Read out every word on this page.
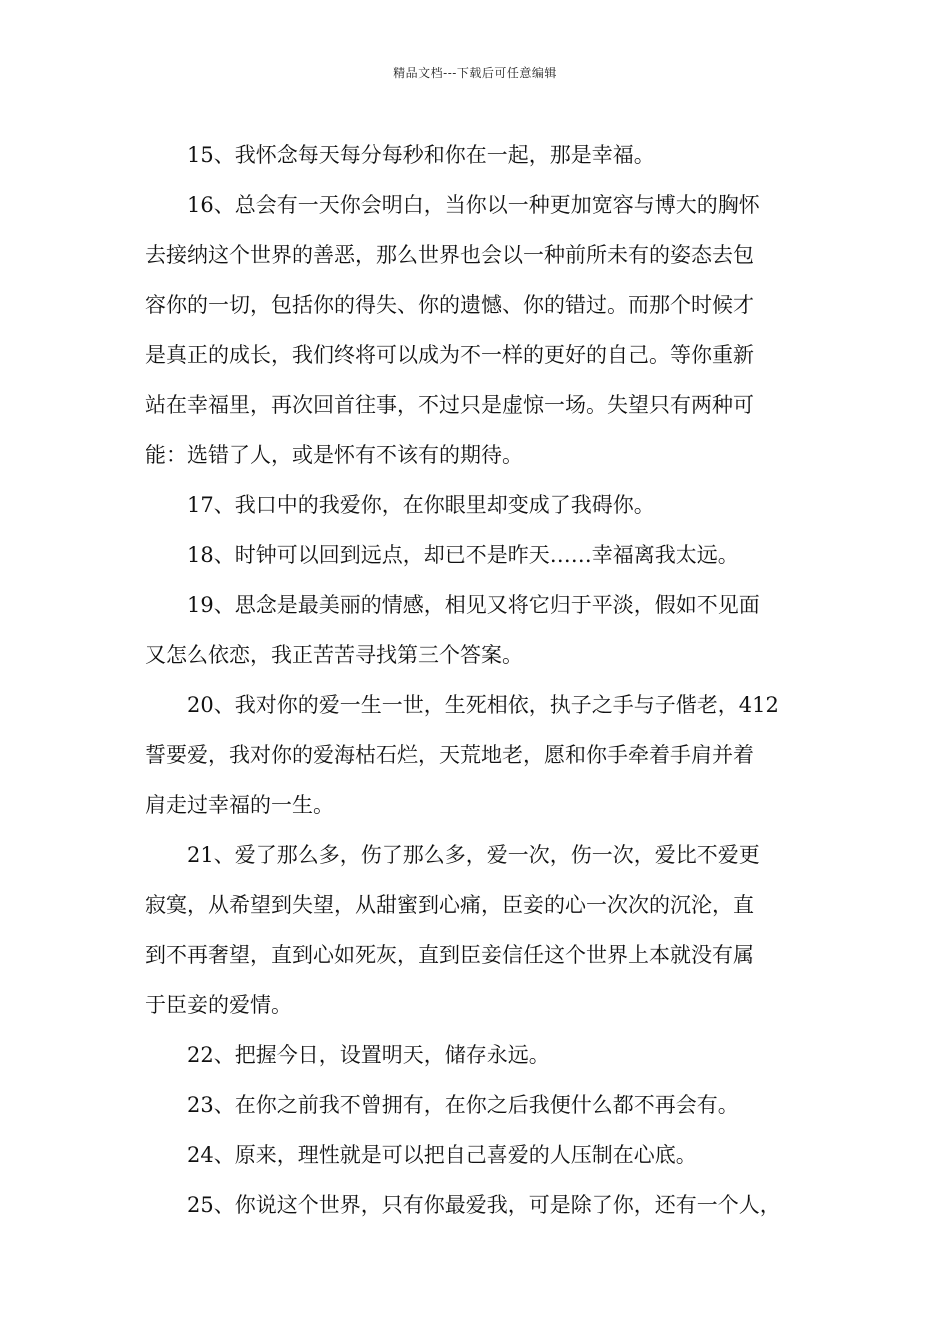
精品文档---下载后可任意编辑

15、我怀念每天每分每秒和你在一起，那是幸福。

16、总会有一天你会明白，当你以一种更加宽容与博大的胸怀
去接纳这个世界的善恶，那么世界也会以一种前所未有的姿态去包
容你的一切，包括你的得失、你的遗憾、你的错过。而那个时候才
是真正的成长，我们终将可以成为不一样的更好的自己。等你重新
站在幸福里，再次回首往事，不过只是虚惊一场。失望只有两种可
能：选错了人，或是怀有不该有的期待。

17、我口中的我爱你，在你眼里却变成了我碍你。

18、时钟可以回到远点，却已不是昨天……幸福离我太远。

19、思念是最美丽的情感，相见又将它归于平淡，假如不见面
又怎么依恋，我正苦苦寻找第三个答案。

20、我对你的爱一生一世，生死相依，执子之手与子偕老，412
誓要爱，我对你的爱海枯石烂，天荒地老，愿和你手牵着手肩并着
肩走过幸福的一生。

21、爱了那么多，伤了那么多，爱一次，伤一次，爱比不爱更
寂寞，从希望到失望，从甜蜜到心痛，臣妾的心一次次的沉沦，直
到不再奢望，直到心如死灰，直到臣妾信任这个世界上本就没有属
于臣妾的爱情。

22、把握今日，设置明天，储存永远。

23、在你之前我不曾拥有，在你之后我便什么都不再会有。

24、原来，理性就是可以把自己喜爱的人压制在心底。

25、你说这个世界，只有你最爱我，可是除了你，还有一个人，
